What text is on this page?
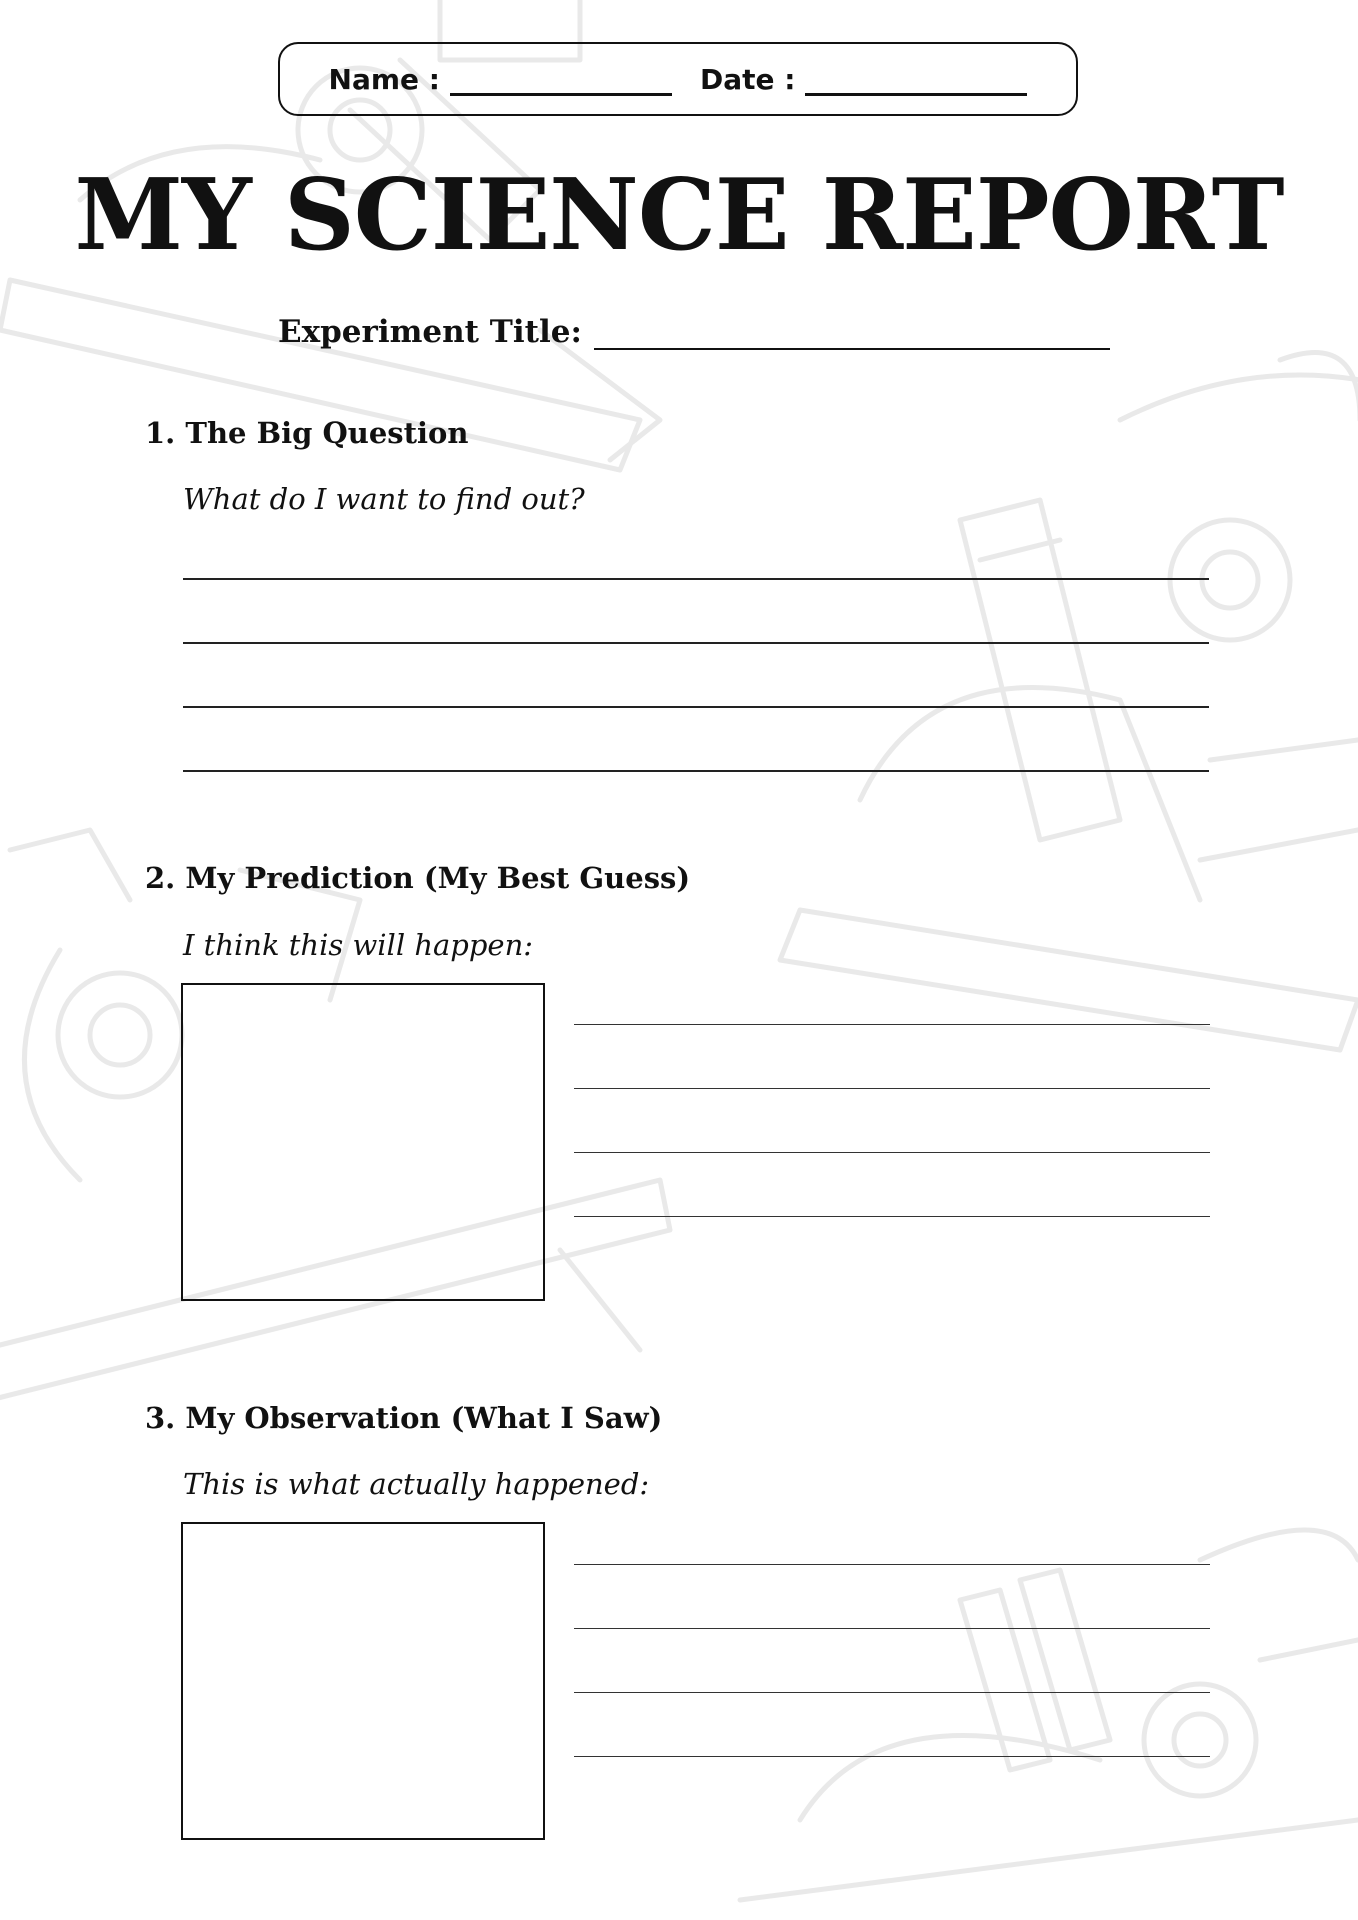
Name :	Date :
MY SCIENCE REPORT
Experiment Title:
1. The Big Question
What do I want to find out?
2. My Prediction (My Best Guess)
I think this will happen:
3. My Observation (What I Saw)
This is what actually happened:
